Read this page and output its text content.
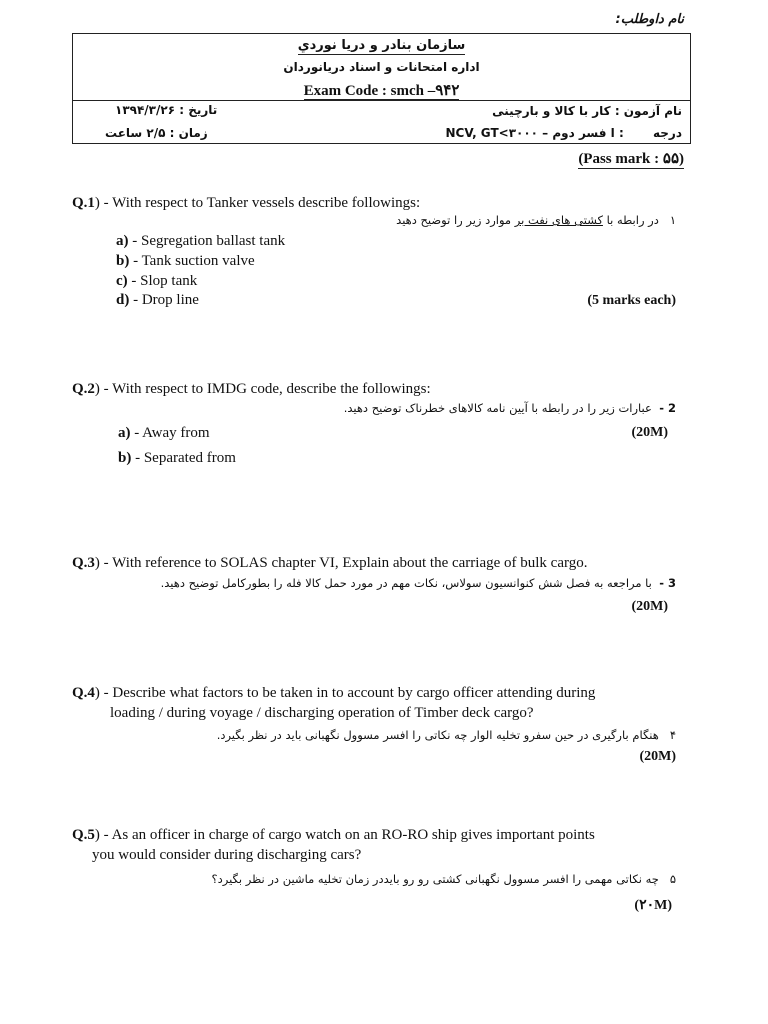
نام داوطلب:
سازمان بنادر و دریا نوردي
اداره امتحانات و اسناد دریانوردان
Exam Code : smch –۹۴۲
نام آزمون : کار با کالا و بارچینی
تاریخ : ۱۳۹۴/۳/۲۶
درجه       : ا فسر دوم – NCV, GT<۳۰۰۰
زمان : ۲/۵ ساعت
(Pass mark : ۵۵)
Q.1) - With respect to Tanker vessels describe followings:
۱   در رابطه با کشتی های نفت بر موارد زیر را توضیح دهید
a) - Segregation ballast tank
b) - Tank suction valve
c) - Slop tank
d) - Drop line	(5 marks each)
Q.2) - With respect to IMDG code, describe the followings:
2 -  عبارات زیر را در رابطه با آیین نامه کالاهای خطرناک توضیح دهید.
a) - Away from	(20M)
b) - Separated from
Q.3) - With reference to SOLAS chapter VI, Explain about the carriage of bulk cargo.
3 -  با مراجعه به فصل شش کنوانسیون سولاس، نکات مهم در مورد حمل کالا فله را بطورکامل توضیح دهید.
(20M)
Q.4) - Describe what factors to be taken in to account by cargo officer attending during
loading / during voyage / discharging operation of Timber deck cargo?
۴   هنگام بارگیری در حین سفرو تخلیه الوار چه نکاتی را افسر مسوول نگهبانی باید در نظر بگیرد.
(20M)
Q.5) - As an officer in charge of cargo watch on an RO-RO ship gives important points
you would consider during discharging cars?
۵   چه نکاتی مهمی را افسر مسوول نگهبانی کشتی رو رو بایددر زمان تخلیه ماشین در نظر بگیرد؟
(۲۰M)
